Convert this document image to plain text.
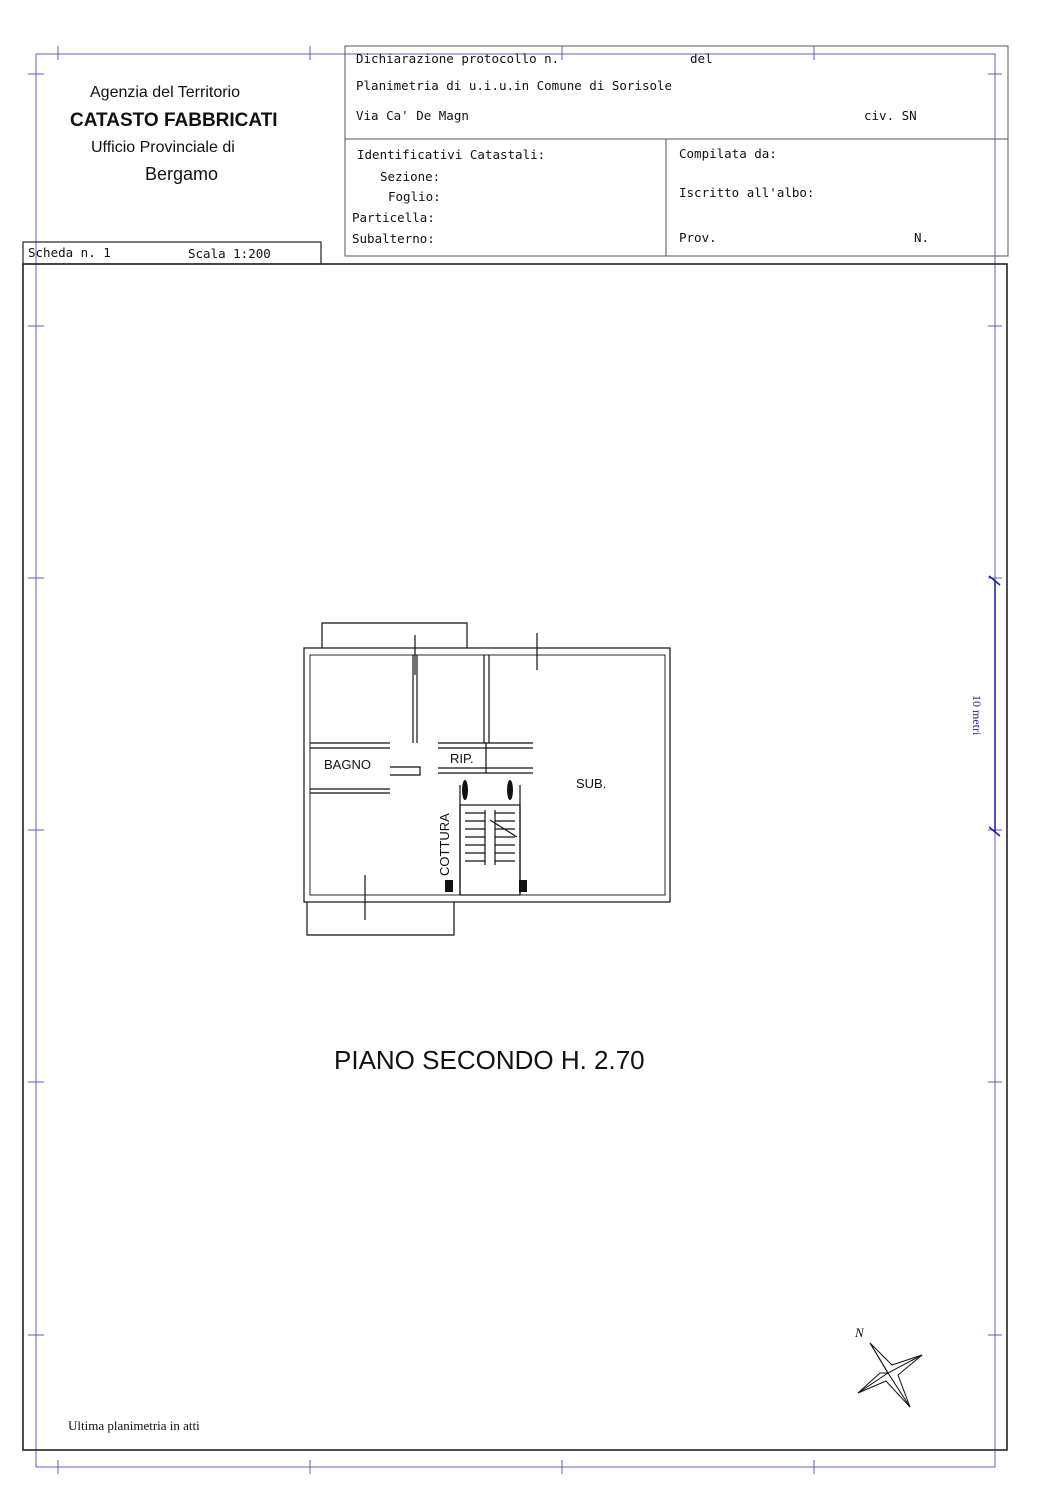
Agenzia del Territorio
CATASTO FABBRICATI
Ufficio Provinciale di
Bergamo
Dichiarazione protocollo n.	del
Planimetria di u.i.u.in Comune di Sorisole
Via Ca' De Magn	civ. SN
Identificativi Catastali:
Sezione:
Foglio:
Particella:
Subalterno:
Compilata da:
Iscritto all'albo:
Prov.	N.
Scheda n. 1	Scala 1:200
10 metri
BAGNO	RIP.
SUB.
COTTURA
PIANO SECONDO H. 2.70
N
Ultima planimetria in atti
